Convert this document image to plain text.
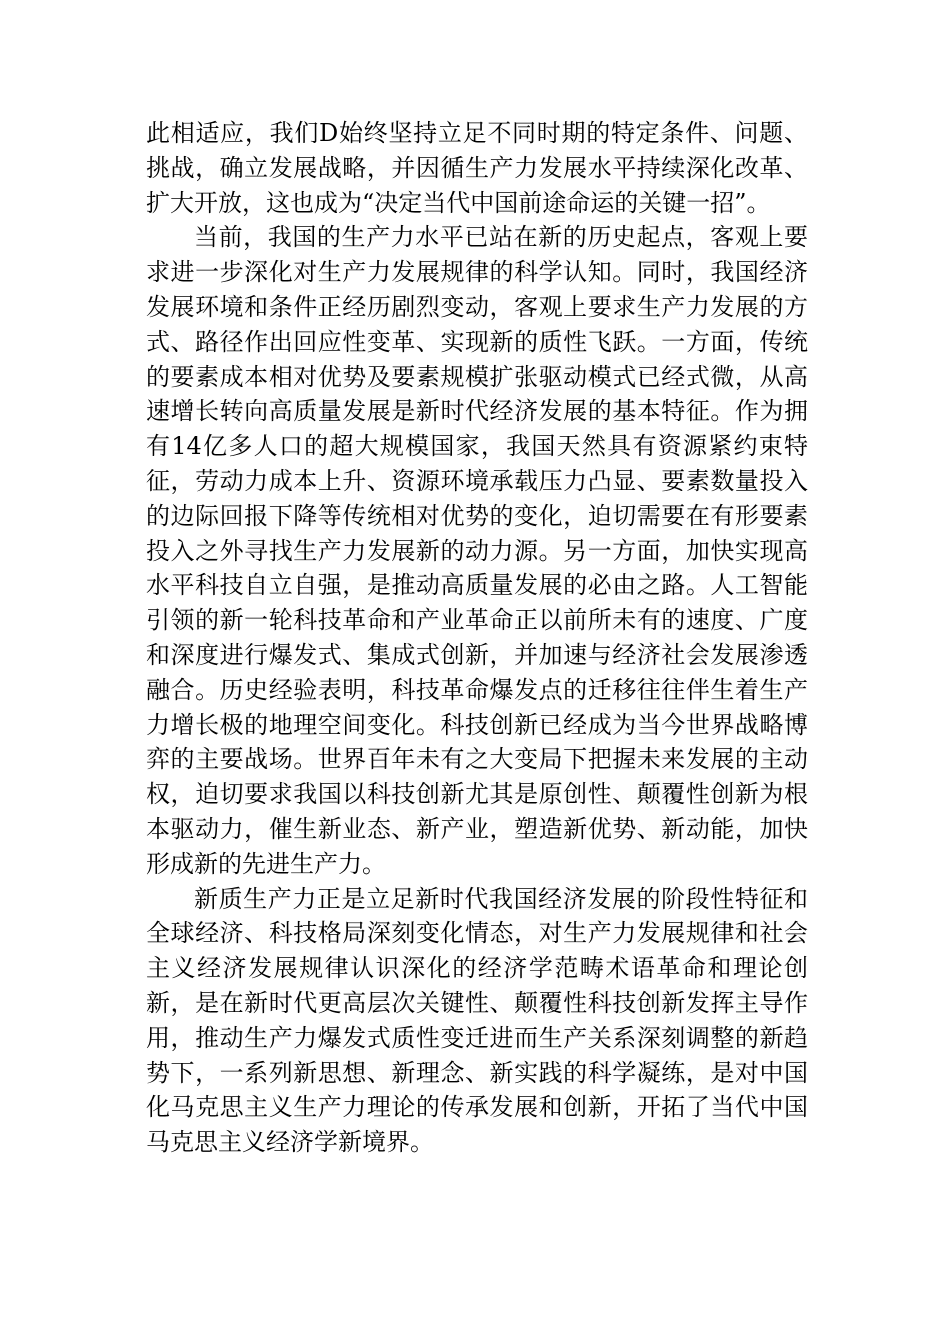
此相适应，我们D始终坚持立足不同时期的特定条件、问题、挑战，确立发展战略，并因循生产力发展水平持续深化改革、扩大开放，这也成为“决定当代中国前途命运的关键一招”。

当前，我国的生产力水平已站在新的历史起点，客观上要求进一步深化对生产力发展规律的科学认知。同时，我国经济发展环境和条件正经历剧烈变动，客观上要求生产力发展的方式、路径作出回应性变革、实现新的质性飞跃。一方面，传统的要素成本相对优势及要素规模扩张驱动模式已经式微，从高速增长转向高质量发展是新时代经济发展的基本特征。作为拥有14亿多人口的超大规模国家，我国天然具有资源紧约束特征，劳动力成本上升、资源环境承载压力凸显、要素数量投入的边际回报下降等传统相对优势的变化，迫切需要在有形要素投入之外寻找生产力发展新的动力源。另一方面，加快实现高水平科技自立自强，是推动高质量发展的必由之路。人工智能引领的新一轮科技革命和产业革命正以前所未有的速度、广度和深度进行爆发式、集成式创新，并加速与经济社会发展渗透融合。历史经验表明，科技革命爆发点的迁移往往伴生着生产力增长极的地理空间变化。科技创新已经成为当今世界战略博弈的主要战场。世界百年未有之大变局下把握未来发展的主动权，迫切要求我国以科技创新尤其是原创性、颠覆性创新为根本驱动力，催生新业态、新产业，塑造新优势、新动能，加快形成新的先进生产力。

新质生产力正是立足新时代我国经济发展的阶段性特征和全球经济、科技格局深刻变化情态，对生产力发展规律和社会主义经济发展规律认识深化的经济学范畴术语革命和理论创新，是在新时代更高层次关键性、颠覆性科技创新发挥主导作用，推动生产力爆发式质性变迁进而生产关系深刻调整的新趋势下，一系列新思想、新理念、新实践的科学凝练，是对中国化马克思主义生产力理论的传承发展和创新，开拓了当代中国马克思主义经济学新境界。
